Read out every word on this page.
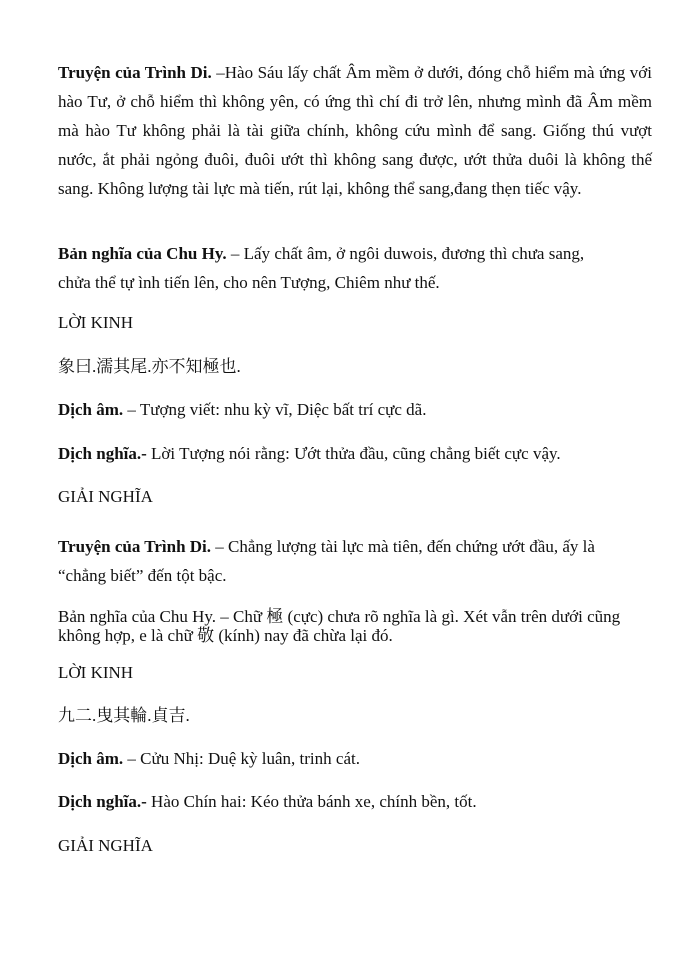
Truyện của Trình Di. –Hào Sáu lấy chất Âm mềm ở dưới, đóng chỗ hiểm mà ứng với hào Tư, ở chỗ hiểm thì không yên, có ứng thì chí đi trở lên, nhưng mình đã Âm mềm mà hào Tư không phải là tài giữa chính, không cứu mình để sang. Giống thú vượt nước, ắt phải ngỏng đuôi, đuôi ướt thì không sang được, ướt thửa duôi là không thế sang. Không lượng tài lực mà tiến, rút lại, không thể sang,đang thẹn tiếc vậy.

Bản nghĩa của Chu Hy. – Lấy chất âm, ở ngôi duwois, đương thì chưa sang, chửa thể tự ình tiến lên, cho nên Tượng, Chiêm như thế.

LỜI KINH

象曰.濡其尾.亦不知極也.

Dịch âm. – Tượng viết: nhu kỳ vĩ, Diệc bất trí cực dã.

Dịch nghĩa.- Lời Tượng nói rằng: Ướt thửa đầu, cũng chẳng biết cực vậy.

GIẢI NGHĨA

Truyện của Trình Di. – Chẳng lượng tài lực mà tiên, đến chứng ướt đầu, ấy là “chẳng biết” đến tột bậc.

Bản nghĩa của Chu Hy. – Chữ 極 (cực) chưa rõ nghĩa là gì. Xét vẫn trên dưới cũng không hợp, e là chữ 敬 (kính) nay đã chừa lại đó.

LỜI KINH

九二.曳其輪.貞吉.

Dịch âm. – Cửu Nhị: Duệ kỳ luân, trinh cát.

Dịch nghĩa.- Hào Chín hai: Kéo thửa bánh xe, chính bền, tốt.

GIẢI NGHĨA
